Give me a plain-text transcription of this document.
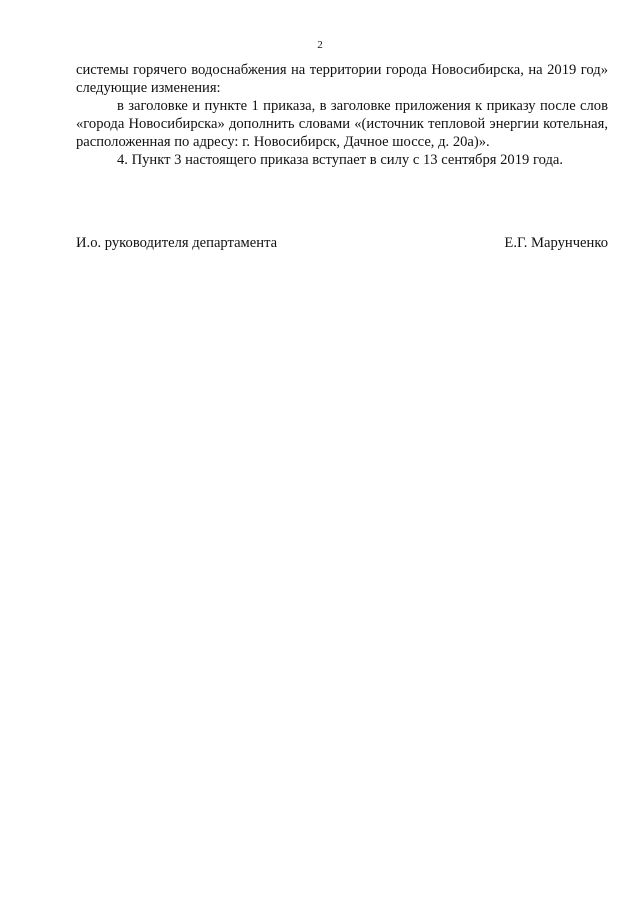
2

системы горячего водоснабжения на территории города Новосибирска, на 2019 год» следующие изменения:

в заголовке и пункте 1 приказа, в заголовке приложения к приказу после слов «города Новосибирска» дополнить словами «(источник тепловой энергии котельная, расположенная по адресу: г. Новосибирск, Дачное шоссе, д. 20а)».

4. Пункт 3 настоящего приказа вступает в силу с 13 сентября 2019 года.

И.о. руководителя департамента	Е.Г. Марунченко
